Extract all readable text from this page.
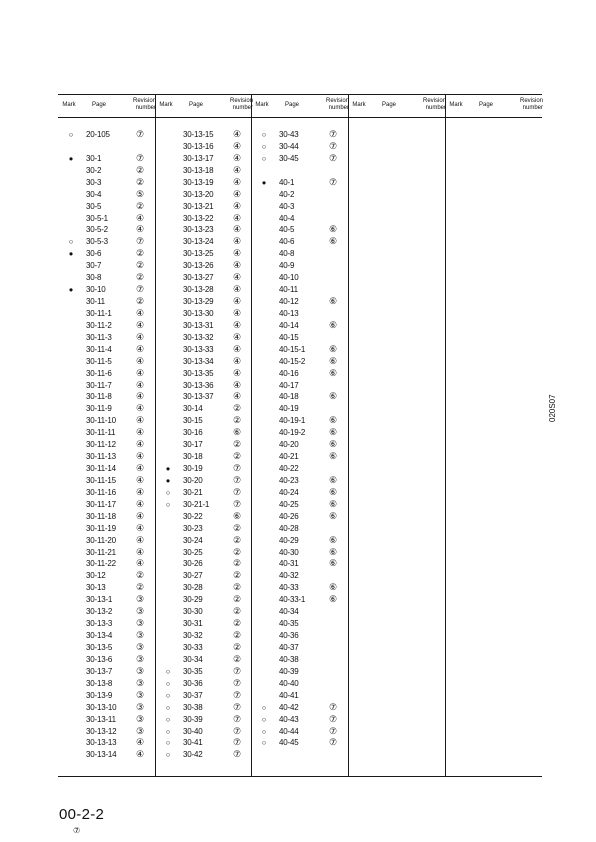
Mark	Page
Revision number
○	20-105	⑦
●	30-1	⑦
30-2	②
30-3	②
30-4	⑤
30-5	②
30-5-1	④
30-5-2	④
○	30-5-3	⑦
●	30-6	②
30-7	②
30-8	②
●	30-10	⑦
30-11	②
30-11-1	④
30-11-2	④
30-11-3	④
30-11-4	④
30-11-5	④
30-11-6	④
30-11-7	④
30-11-8	④
30-11-9	④
30-11-10	④
30-11-11	④
30-11-12	④
30-11-13	④
30-11-14	④
30-11-15	④
30-11-16	④
30-11-17	④
30-11-18	④
30-11-19	④
30-11-20	④
30-11-21	④
30-11-22	④
30-12	②
30-13	②
30-13-1	③
30-13-2	③
30-13-3	③
30-13-4	③
30-13-5	③
30-13-6	③
30-13-7	③
30-13-8	③
30-13-9	③
30-13-10	③
30-13-11	③
30-13-12	③
30-13-13	④
30-13-14	④
Mark	Page
Revision number
30-13-15	④
30-13-16	④
30-13-17	④
30-13-18	④
30-13-19	④
30-13-20	④
30-13-21	④
30-13-22	④
30-13-23	④
30-13-24	④
30-13-25	④
30-13-26	④
30-13-27	④
30-13-28	④
30-13-29	④
30-13-30	④
30-13-31	④
30-13-32	④
30-13-33	④
30-13-34	④
30-13-35	④
30-13-36	④
30-13-37	④
30-14	②
30-15	②
30-16	⑥
30-17	②
30-18	②
●	30-19	⑦
●	30-20	⑦
○	30-21	⑦
○	30-21-1	⑦
30-22	⑥
30-23	②
30-24	②
30-25	②
30-26	②
30-27	②
30-28	②
30-29	②
30-30	②
30-31	②
30-32	②
30-33	②
30-34	②
○	30-35	⑦
○	30-36	⑦
○	30-37	⑦
○	30-38	⑦
○	30-39	⑦
○	30-40	⑦
○	30-41	⑦
○	30-42	⑦
Mark	Page
Revision number
○	30-43	⑦
○	30-44	⑦
○	30-45	⑦
●	40-1	⑦
40-2
40-3
40-4
40-5	⑥
40-6	⑥
40-8
40-9
40-10
40-11
40-12	⑥
40-13
40-14	⑥
40-15
40-15-1	⑥
40-15-2	⑥
40-16	⑥
40-17
40-18	⑥
40-19
40-19-1	⑥
40-19-2	⑥
40-20	⑥
40-21	⑥
40-22
40-23	⑥
40-24	⑥
40-25	⑥
40-26	⑥
40-28
40-29	⑥
40-30	⑥
40-31	⑥
40-32
40-33	⑥
40-33-1	⑥
40-34
40-35
40-36
40-37
40-38
40-39
40-40
40-41
○	40-42	⑦
○	40-43	⑦
○	40-44	⑦
○	40-45	⑦
Mark	Page
Revision number Mark	Page
Revision number
020S07
00-2-2
⑦
